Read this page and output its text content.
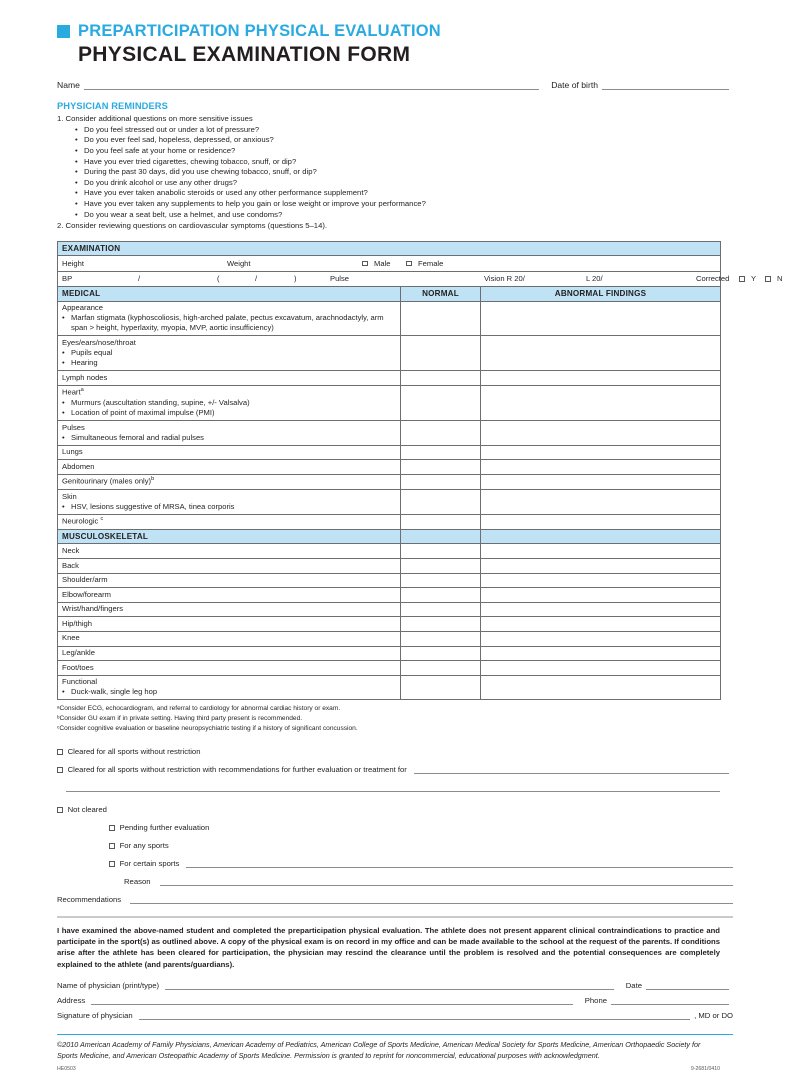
PREPARTICIPATION PHYSICAL EVALUATION
PHYSICAL EXAMINATION FORM
Name	Date of birth
PHYSICIAN REMINDERS
1. Consider additional questions on more sensitive issues
• Do you feel stressed out or under a lot of pressure?
• Do you ever feel sad, hopeless, depressed, or anxious?
• Do you feel safe at your home or residence?
• Have you ever tried cigarettes, chewing tobacco, snuff, or dip?
• During the past 30 days, did you use chewing tobacco, snuff, or dip?
• Do you drink alcohol or use any other drugs?
• Have you ever taken anabolic steroids or used any other performance supplement?
• Have you ever taken any supplements to help you gain or lose weight or improve your performance?
• Do you wear a seat belt, use a helmet, and use condoms?
2. Consider reviewing questions on cardiovascular symptoms (questions 5–14).
EXAMINATION		

Height Weight Male Female		

BP	/	(	/	)	Pulse	Vision R 20/	L 20/	Corrected	Y	N

MEDICAL	NORMAL	ABNORMAL FINDINGS
Appearance
• Marfan stigmata (kyphoscoliosis, high-arched palate, pectus excavatum, arachnodactyly, arm span > height, hyperlaxity, myopia, MVP, aortic insufficiency)

Eyes/ears/nose/throat
• Pupils equal
• Hearing

Lymph nodes		
Heart$^a$
• Murmurs (auscultation standing, supine, +/- Valsalva)
• Location of point of maximal impulse (PMI)

Pulses
• Simultaneous femoral and radial pulses

Lungs		
Abdomen		
Genitourinary (males only)$^b$		
Skin
• HSV, lesions suggestive of MRSA, tinea corporis

Neurologic $^c$		
MUSCULOSKELETAL		
Neck		
Back		
Shoulder/arm		
Elbow/forearm		
Wrist/hand/fingers		
Hip/thigh		
Knee		
Leg/ankle		
Foot/toes		
Functional
• Duck-walk, single leg hop

ᵃConsider ECG, echocardiogram, and referral to cardiology for abnormal cardiac history or exam.
ᵇConsider GU exam if in private setting. Having third party present is recommended.
ᶜConsider cognitive evaluation or baseline neuropsychiatric testing if a history of significant concussion.
Cleared for all sports without restriction
Cleared for all sports without restriction with recommendations for further evaluation or treatment for
Not cleared
Pending further evaluation
For any sports
For certain sports
Reason
Recommendations
I have examined the above-named student and completed the preparticipation physical evaluation. The athlete does not present apparent clinical contraindications to practice and participate in the sport(s) as outlined above. A copy of the physical exam is on record in my office and can be made available to the school at the request of the parents. If conditions arise after the athlete has been cleared for participation, the physician may rescind the clearance until the problem is resolved and the potential consequences are completely explained to the athlete (and parents/guardians).
Name of physician (print/type)	Date
Address	Phone
Signature of physician	, MD or DO
©2010 American Academy of Family Physicians, American Academy of Pediatrics, American College of Sports Medicine, American Medical Society for Sports Medicine, American Orthopaedic Society for Sports Medicine, and American Osteopathic Academy of Sports Medicine. Permission is granted to reprint for noncommercial, educational purposes with acknowledgment.
HE0503	9-2681/0410
